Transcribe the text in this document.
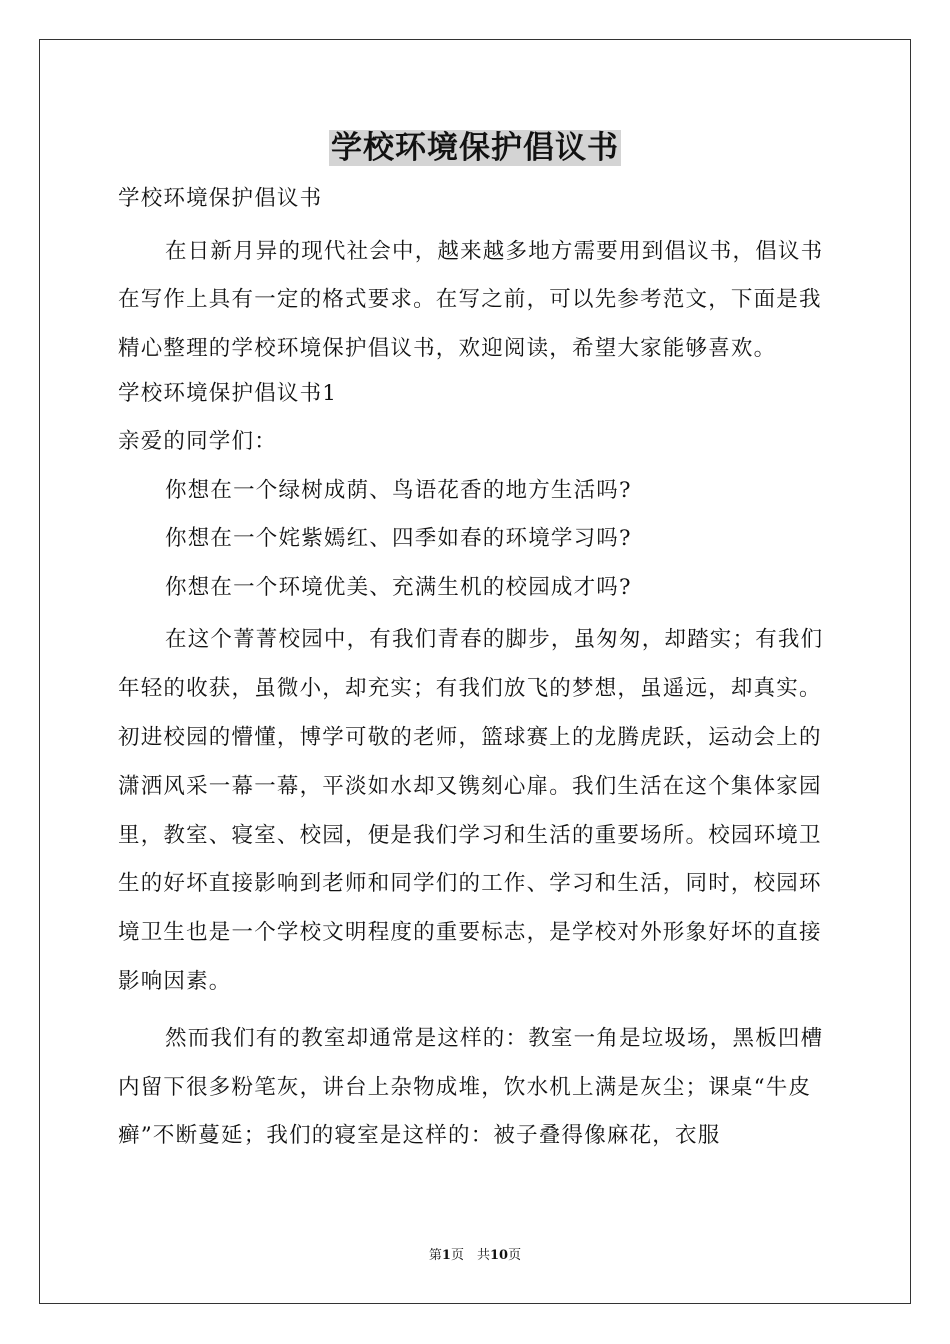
学校环境保护倡议书

学校环境保护倡议书

在日新月异的现代社会中，越来越多地方需要用到倡议书，倡议书在写作上具有一定的格式要求。在写之前，可以先参考范文，下面是我精心整理的学校环境保护倡议书，欢迎阅读，希望大家能够喜欢。

学校环境保护倡议书1

亲爱的同学们：

你想在一个绿树成荫、鸟语花香的地方生活吗?

你想在一个姹紫嫣红、四季如春的环境学习吗?

你想在一个环境优美、充满生机的校园成才吗?

在这个菁菁校园中，有我们青春的脚步，虽匆匆，却踏实；有我们年轻的收获，虽微小，却充实；有我们放飞的梦想，虽遥远，却真实。初进校园的懵懂，博学可敬的老师，篮球赛上的龙腾虎跃，运动会上的潇洒风采一幕一幕，平淡如水却又镌刻心扉。我们生活在这个集体家园里，教室、寝室、校园，便是我们学习和生活的重要场所。校园环境卫生的好坏直接影响到老师和同学们的工作、学习和生活，同时，校园环境卫生也是一个学校文明程度的重要标志，是学校对外形象好坏的直接影响因素。

然而我们有的教室却通常是这样的：教室一角是垃圾场，黑板凹槽内留下很多粉笔灰，讲台上杂物成堆，饮水机上满是灰尘；课桌“牛皮癣”不断蔓延；我们的寝室是这样的：被子叠得像麻花，衣服

第1页　共10页
